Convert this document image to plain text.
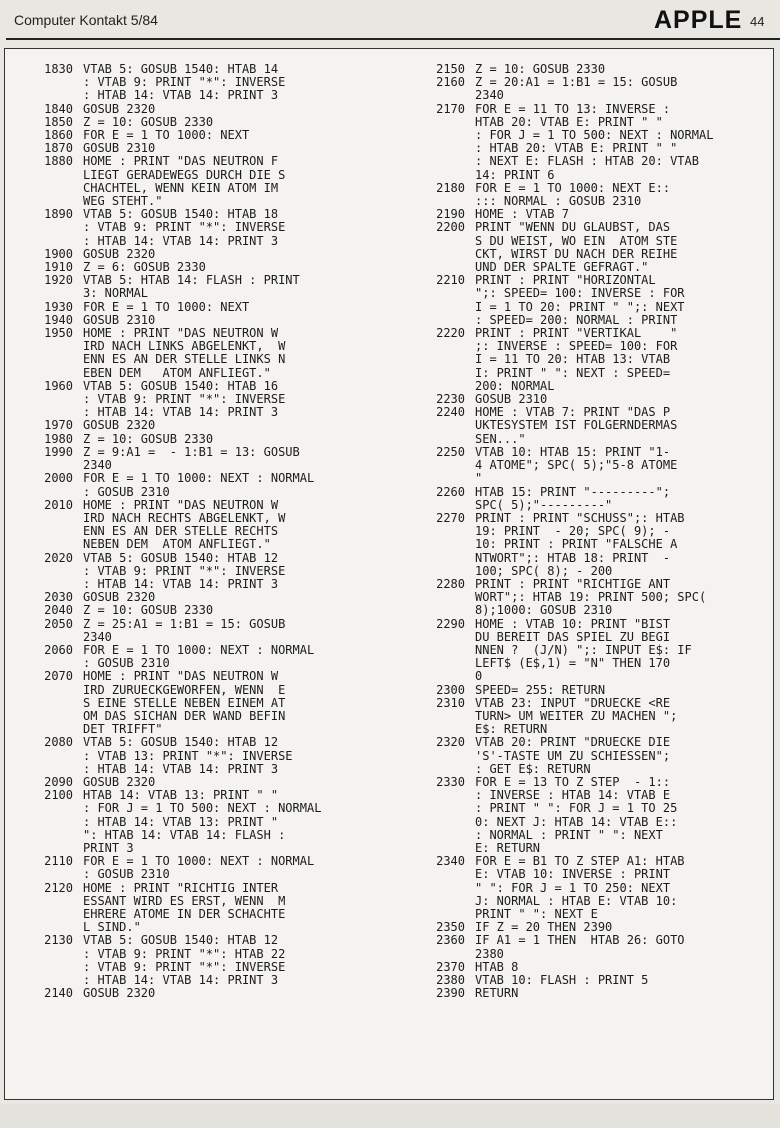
Computer Kontakt 5/84	APPLE 44
1830 VTAB 5: GOSUB 1540: HTAB 14
: VTAB 9: PRINT "*": INVERSE
: HTAB 14: VTAB 14: PRINT 3
1840 GOSUB 2320
1850 Z = 10: GOSUB 2330
1860 FOR E = 1 TO 1000: NEXT
1870 GOSUB 2310
1880 HOME : PRINT "DAS NEUTRON F
LIEGT GERADEWEGS DURCH DIE S
CHACHTEL, WENN KEIN ATOM IM
WEG STEHT."
1890 VTAB 5: GOSUB 1540: HTAB 18
: VTAB 9: PRINT "*": INVERSE
: HTAB 14: VTAB 14: PRINT 3
1900 GOSUB 2320
1910 Z = 6: GOSUB 2330
1920 VTAB 5: HTAB 14: FLASH : PRINT
3: NORMAL
1930 FOR E = 1 TO 1000: NEXT
1940 GOSUB 2310
1950 HOME : PRINT "DAS NEUTRON W
IRD NACH LINKS ABGELENKT,  W
ENN ES AN DER STELLE LINKS N
EBEN DEM   ATOM ANFLIEGT."
1960 VTAB 5: GOSUB 1540: HTAB 16
: VTAB 9: PRINT "*": INVERSE
: HTAB 14: VTAB 14: PRINT 3
1970 GOSUB 2320
1980 Z = 10: GOSUB 2330
1990 Z = 9:A1 =  - 1:B1 = 13: GOSUB
2340
2000 FOR E = 1 TO 1000: NEXT : NORMAL
: GOSUB 2310
2010 HOME : PRINT "DAS NEUTRON W
IRD NACH RECHTS ABGELENKT, W
ENN ES AN DER STELLE RECHTS
NEBEN DEM  ATOM ANFLIEGT."
2020 VTAB 5: GOSUB 1540: HTAB 12
: VTAB 9: PRINT "*": INVERSE
: HTAB 14: VTAB 14: PRINT 3
2030 GOSUB 2320
2040 Z = 10: GOSUB 2330
2050 Z = 25:A1 = 1:B1 = 15: GOSUB
2340
2060 FOR E = 1 TO 1000: NEXT : NORMAL
: GOSUB 2310
2070 HOME : PRINT "DAS NEUTRON W
IRD ZURUECKGEWORFEN, WENN  E
S EINE STELLE NEBEN EINEM AT
OM DAS SICHAN DER WAND BEFIN
DET TRIFFT"
2080 VTAB 5: GOSUB 1540: HTAB 12
: VTAB 13: PRINT "*": INVERSE
: HTAB 14: VTAB 14: PRINT 3
2090 GOSUB 2320
2100 HTAB 14: VTAB 13: PRINT " "
: FOR J = 1 TO 500: NEXT : NORMAL
: HTAB 14: VTAB 13: PRINT "
": HTAB 14: VTAB 14: FLASH :
PRINT 3
2110 FOR E = 1 TO 1000: NEXT : NORMAL
: GOSUB 2310
2120 HOME : PRINT "RICHTIG INTER
ESSANT WIRD ES ERST, WENN  M
EHRERE ATOME IN DER SCHACHTE
L SIND."
2130 VTAB 5: GOSUB 1540: HTAB 12
: VTAB 9: PRINT "*": HTAB 22
: VTAB 9: PRINT "*": INVERSE
: HTAB 14: VTAB 14: PRINT 3
2140 GOSUB 2320
2150 Z = 10: GOSUB 2330
2160 Z = 20:A1 = 1:B1 = 15: GOSUB
2340
2170 FOR E = 11 TO 13: INVERSE :
HTAB 20: VTAB E: PRINT " "
: FOR J = 1 TO 500: NEXT : NORMAL
: HTAB 20: VTAB E: PRINT " "
: NEXT E: FLASH : HTAB 20: VTAB
14: PRINT 6
2180 FOR E = 1 TO 1000: NEXT E::
::: NORMAL : GOSUB 2310
2190 HOME : VTAB 7
2200 PRINT "WENN DU GLAUBST, DAS
S DU WEIST, WO EIN  ATOM STE
CKT, WIRST DU NACH DER REIHE
UND DER SPALTE GEFRAGT."
2210 PRINT : PRINT "HORIZONTAL
";: SPEED= 100: INVERSE : FOR
I = 1 TO 20: PRINT " ";: NEXT
: SPEED= 200: NORMAL : PRINT
2220 PRINT : PRINT "VERTIKAL    "
;: INVERSE : SPEED= 100: FOR
I = 11 TO 20: HTAB 13: VTAB
I: PRINT " ": NEXT : SPEED=
200: NORMAL
2230 GOSUB 2310
2240 HOME : VTAB 7: PRINT "DAS P
UKTESYSTEM IST FOLGERNDERMAS
SEN..."
2250 VTAB 10: HTAB 15: PRINT "1-
4 ATOME"; SPC( 5);"5-8 ATOME
"
2260 HTAB 15: PRINT "---------";
SPC( 5);"---------"
2270 PRINT : PRINT "SCHUSS";: HTAB
19: PRINT  - 20; SPC( 9); -
10: PRINT : PRINT "FALSCHE A
NTWORT";: HTAB 18: PRINT  -
100; SPC( 8); - 200
2280 PRINT : PRINT "RICHTIGE ANT
WORT";: HTAB 19: PRINT 500; SPC(
8);1000: GOSUB 2310
2290 HOME : VTAB 10: PRINT "BIST
DU BEREIT DAS SPIEL ZU BEGI
NNEN ?  (J/N) ";: INPUT E$: IF
LEFT$ (E$,1) = "N" THEN 170
0
2300 SPEED= 255: RETURN
2310 VTAB 23: INPUT "DRUECKE <RE
TURN> UM WEITER ZU MACHEN ";
E$: RETURN
2320 VTAB 20: PRINT "DRUECKE DIE
'S'-TASTE UM ZU SCHIESSEN";
: GET E$: RETURN
2330 FOR E = 13 TO Z STEP  - 1::
: INVERSE : HTAB 14: VTAB E
: PRINT " ": FOR J = 1 TO 25
0: NEXT J: HTAB 14: VTAB E::
: NORMAL : PRINT " ": NEXT
E: RETURN
2340 FOR E = B1 TO Z STEP A1: HTAB
E: VTAB 10: INVERSE : PRINT
" ": FOR J = 1 TO 250: NEXT
J: NORMAL : HTAB E: VTAB 10:
PRINT " ": NEXT E
2350 IF Z = 20 THEN 2390
2360 IF A1 = 1 THEN  HTAB 26: GOTO
2380
2370 HTAB 8
2380 VTAB 10: FLASH : PRINT 5
2390 RETURN
